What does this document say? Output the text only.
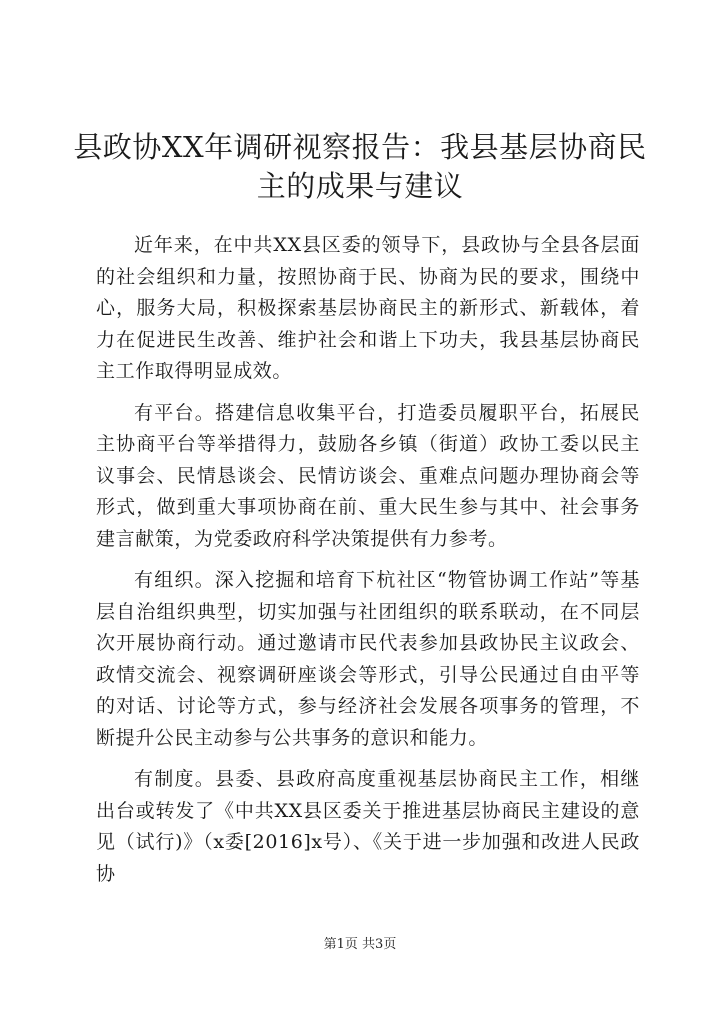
县政协XX年调研视察报告：我县基层协商民主的成果与建议

近年来，在中共XX县区委的领导下，县政协与全县各层面的社会组织和力量，按照协商于民、协商为民的要求，围绕中心，服务大局，积极探索基层协商民主的新形式、新载体，着力在促进民生改善、维护社会和谐上下功夫，我县基层协商民主工作取得明显成效。

有平台。搭建信息收集平台，打造委员履职平台，拓展民主协商平台等举措得力，鼓励各乡镇（街道）政协工委以民主议事会、民情恳谈会、民情访谈会、重难点问题办理协商会等形式，做到重大事项协商在前、重大民生参与其中、社会事务建言献策，为党委政府科学决策提供有力参考。

有组织。深入挖掘和培育下杭社区“物管协调工作站”等基层自治组织典型，切实加强与社团组织的联系联动，在不同层次开展协商行动。通过邀请市民代表参加县政协民主议政会、政情交流会、视察调研座谈会等形式，引导公民通过自由平等的对话、讨论等方式，参与经济社会发展各项事务的管理，不断提升公民主动参与公共事务的意识和能力。

有制度。县委、县政府高度重视基层协商民主工作，相继出台或转发了《中共XX县区委关于推进基层协商民主建设的意见（试行)》（x委[2016]x号）、《关于进一步加强和改进人民政协

第1页 共3页
